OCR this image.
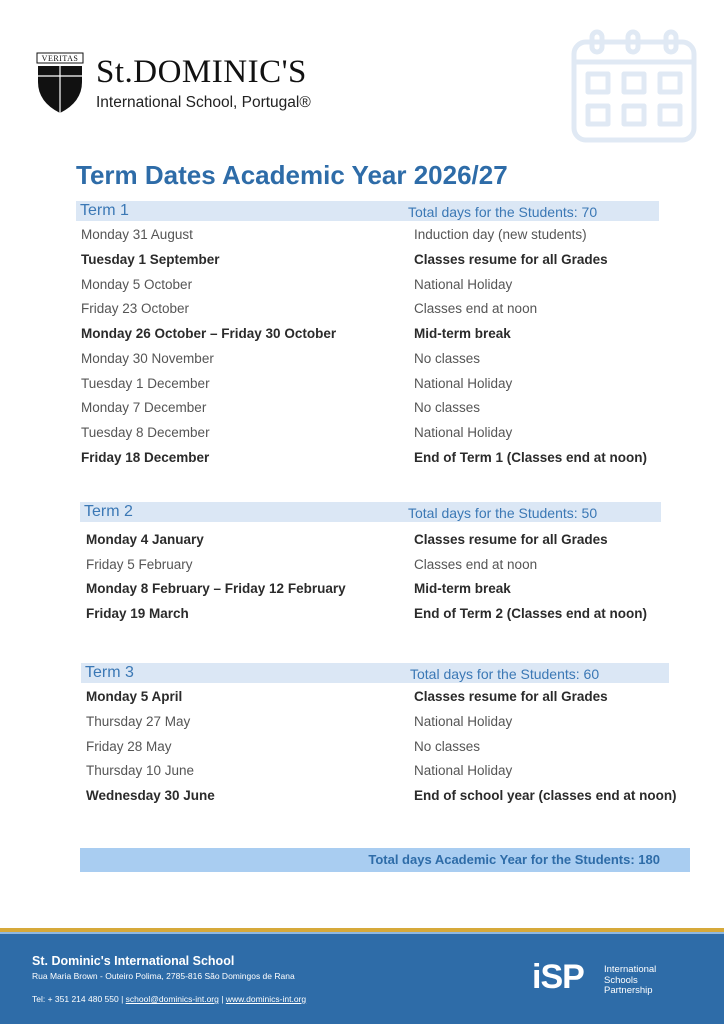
VERITAS St.DOMINIC'S
International School, Portugal®
Term Dates Academic Year 2026/27
Term 1	Total days for the Students: 70
Monday 31 August	Induction day (new students)
Tuesday 1 September	Classes resume for all Grades
Monday 5 October	National Holiday
Friday 23 October	Classes end at noon
Monday 26 October – Friday 30 October	Mid-term break
Monday 30 November	No classes
Tuesday 1 December	National Holiday
Monday 7 December	No classes
Tuesday 8 December	National Holiday
Friday 18 December	End of Term 1 (Classes end at noon)
Term 2	Total days for the Students: 50
Monday 4 January	Classes resume for all Grades
Friday 5 February	Classes end at noon
Monday 8 February – Friday 12 February	Mid-term break
Friday 19 March	End of Term 2 (Classes end at noon)
Term 3	Total days for the Students: 60
Monday 5 April	Classes resume for all Grades
Thursday 27 May	National Holiday
Friday 28 May	No classes
Thursday 10 June	National Holiday
Wednesday 30 June	End of school year (classes end at noon)
Total days Academic Year for the Students: 180
St. Dominic's International School
Rua Maria Brown - Outeiro Polima, 2785-816 São Domingos de Rana
Tel: + 351 214 480 550 | school@dominics-int.org | www.dominics-int.org
iSP International
Schools
Partnership
